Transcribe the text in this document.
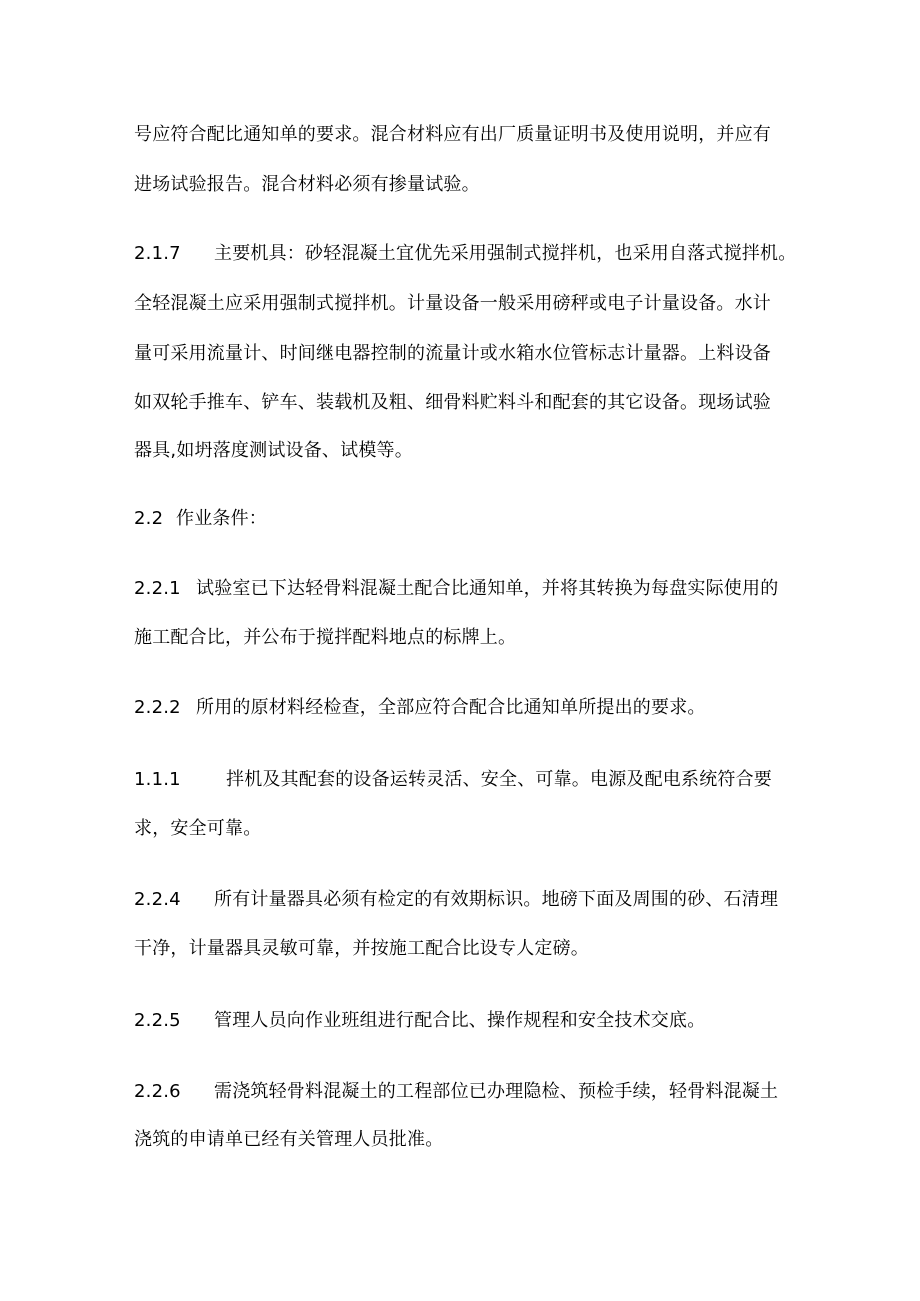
号应符合配比通知单的要求。混合材料应有出厂质量证明书及使用说明，并应有
进场试验报告。混合材料必须有掺量试验。
2.1.7 主要机具：砂轻混凝土宜优先采用强制式搅拌机，也采用自落式搅拌机。
全轻混凝土应采用强制式搅拌机。计量设备一般采用磅秤或电子计量设备。水计
量可采用流量计、时间继电器控制的流量计或水箱水位管标志计量器。上料设备
如双轮手推车、铲车、装载机及粗、细骨料贮料斗和配套的其它设备。现场试验
器具,如坍落度测试设备、试模等。
2.2 作业条件：
2.2.1 试验室已下达轻骨料混凝土配合比通知单，并将其转换为每盘实际使用的
施工配合比，并公布于搅拌配料地点的标牌上。
2.2.2 所用的原材料经检查，全部应符合配合比通知单所提出的要求。
1.1.1	拌机及其配套的设备运转灵活、安全、可靠。电源及配电系统符合要
求，安全可靠。
2.2.4 所有计量器具必须有检定的有效期标识。地磅下面及周围的砂、石清理
干净，计量器具灵敏可靠，并按施工配合比设专人定磅。
2.2.5 管理人员向作业班组进行配合比、操作规程和安全技术交底。
2.2.6 需浇筑轻骨料混凝土的工程部位已办理隐检、预检手续，轻骨料混凝土
浇筑的申请单已经有关管理人员批准。
